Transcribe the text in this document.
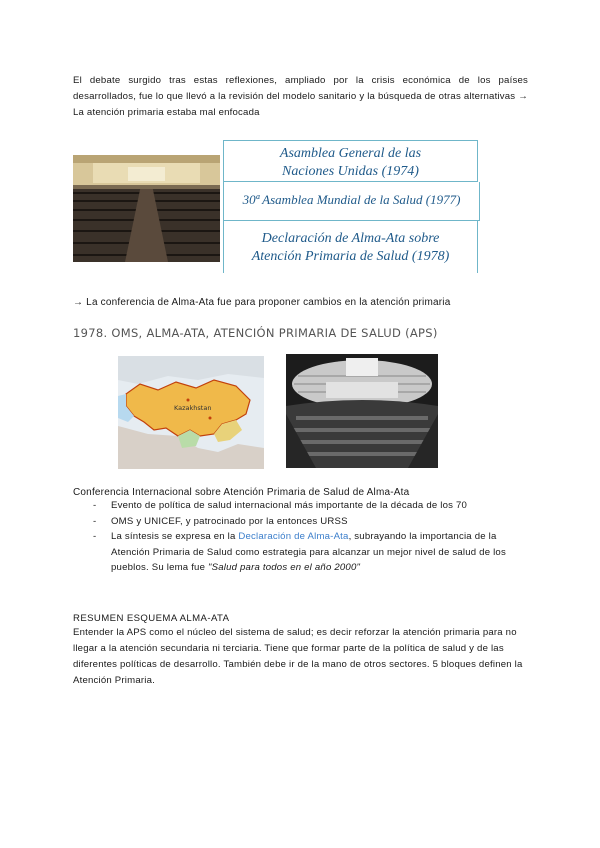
El debate surgido tras estas reflexiones, ampliado por la crisis económica de los países desarrollados, fue lo que llevó a la revisión del modelo sanitario y la búsqueda de otras alternativas → La atención primaria estaba mal enfocada

Asamblea General de las
Naciones Unidas (1974)
30ª Asamblea Mundial de la Salud (1977)
Declaración de Alma-Ata sobre
Atención Primaria de Salud (1978)
→ La conferencia de Alma-Ata fue para proponer cambios en la atención primaria
1978. OMS, ALMA-ATA, ATENCIÓN PRIMARIA DE SALUD (APS)
Kazakhstan
Conferencia Internacional sobre Atención Primaria de Salud de Alma-Ata
- Evento de política de salud internacional más importante de la década de los 70
- OMS y UNICEF, y patrocinado por la entonces URSS
- La síntesis se expresa en la Declaración de Alma-Ata, subrayando la importancia de la Atención Primaria de Salud como estrategia para alcanzar un mejor nivel de salud de los pueblos. Su lema fue "Salud para todos en el año 2000"
RESUMEN ESQUEMA ALMA-ATA

Entender la APS como el núcleo del sistema de salud; es decir reforzar la atención primaria para no llegar a la atención secundaria ni terciaria. Tiene que formar parte de la política de salud y de las diferentes políticas de desarrollo. También debe ir de la mano de otros sectores. 5 bloques definen la Atención Primaria.
